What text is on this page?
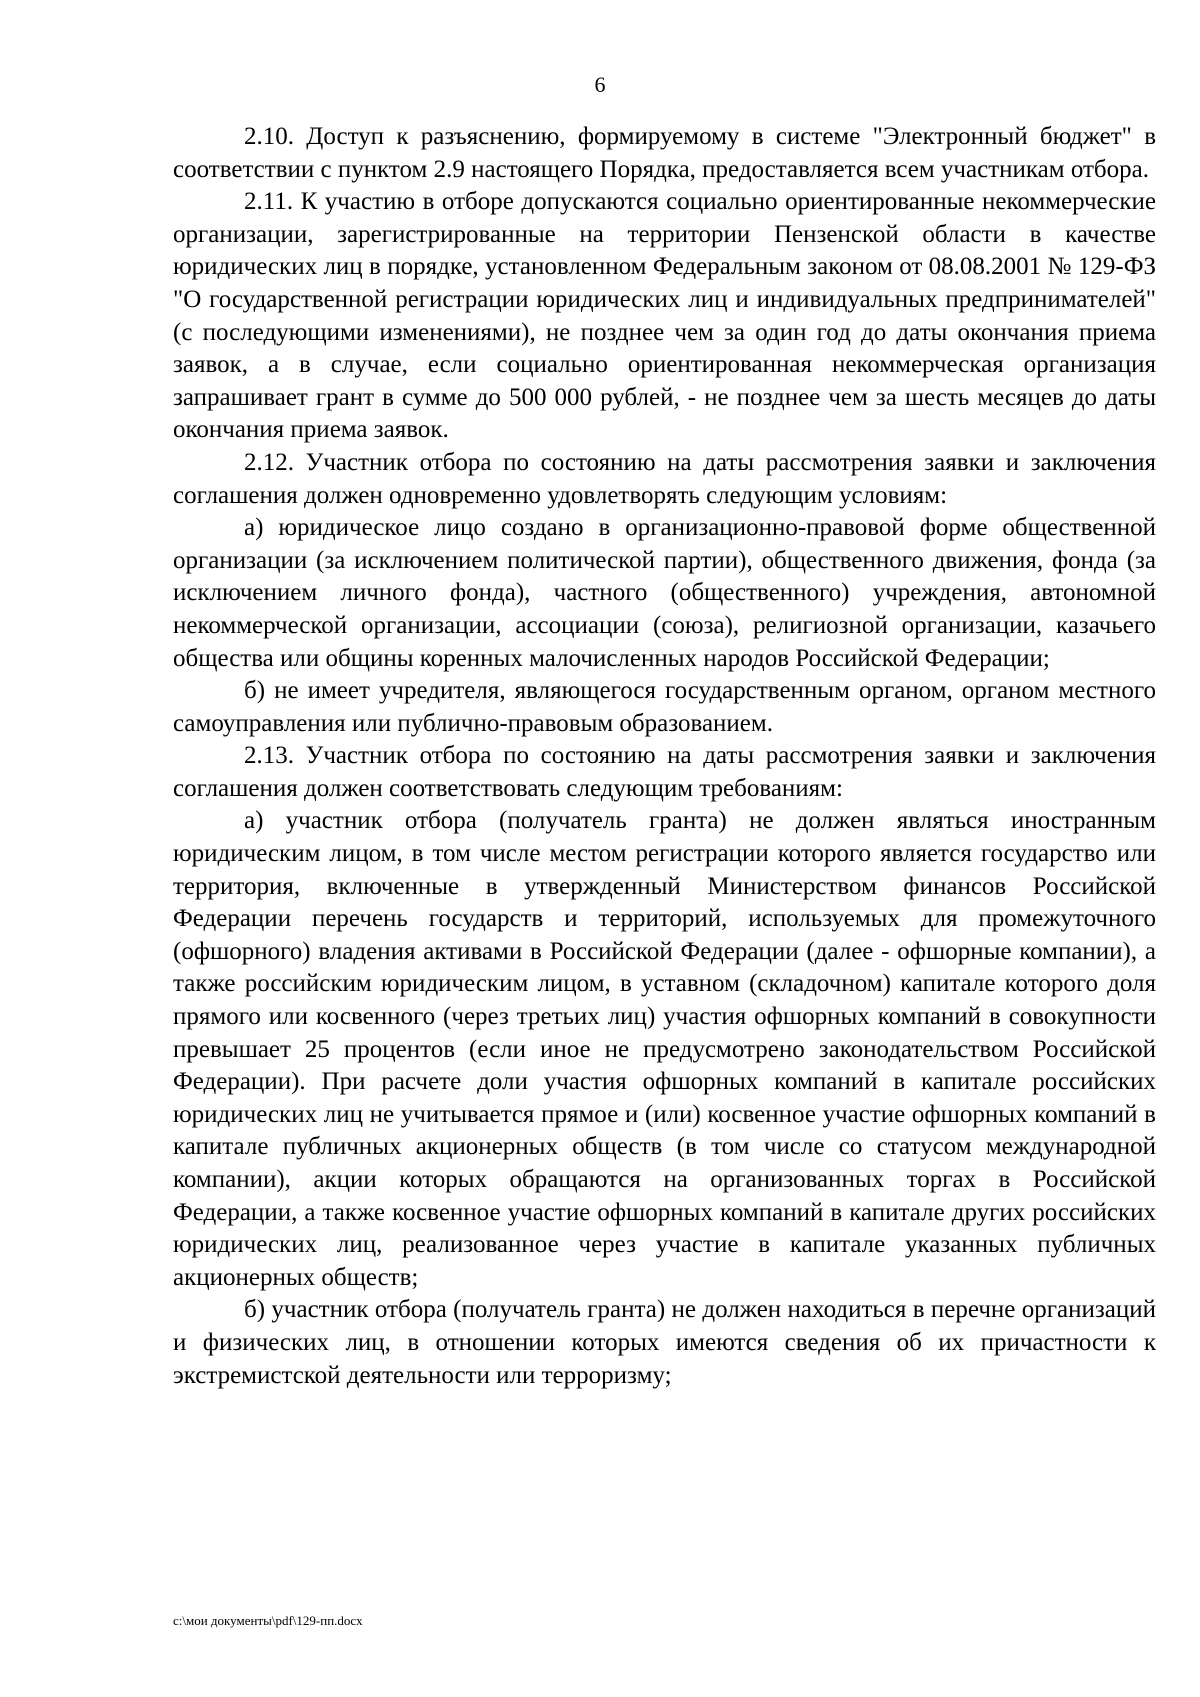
6

2.10. Доступ к разъяснению, формируемому в системе "Электронный бюджет" в соответствии с пунктом 2.9 настоящего Порядка, предоставляется всем участникам отбора.

2.11. К участию в отборе допускаются социально ориентированные некоммерческие организации, зарегистрированные на территории Пензенской области в качестве юридических лиц в порядке, установленном Федеральным законом от 08.08.2001 № 129-ФЗ "О государственной регистрации юридических лиц и индивидуальных предпринимателей" (с последующими изменениями), не позднее чем за один год до даты окончания приема заявок, а в случае, если социально ориентированная некоммерческая организация запрашивает грант в сумме до 500 000 рублей, - не позднее чем за шесть месяцев до даты окончания приема заявок.

2.12. Участник отбора по состоянию на даты рассмотрения заявки и заключения соглашения должен одновременно удовлетворять следующим условиям:

а) юридическое лицо создано в организационно-правовой форме общественной организации (за исключением политической партии), общественного движения, фонда (за исключением личного фонда), частного (общественного) учреждения, автономной некоммерческой организации, ассоциации (союза), религиозной организации, казачьего общества или общины коренных малочисленных народов Российской Федерации;

б) не имеет учредителя, являющегося государственным органом, органом местного самоуправления или публично-правовым образованием.

2.13. Участник отбора по состоянию на даты рассмотрения заявки и заключения соглашения должен соответствовать следующим требованиям:

а) участник отбора (получатель гранта) не должен являться иностранным юридическим лицом, в том числе местом регистрации которого является государство или территория, включенные в утвержденный Министерством финансов Российской Федерации перечень государств и территорий, используемых для промежуточного (офшорного) владения активами в Российской Федерации (далее - офшорные компании), а также российским юридическим лицом, в уставном (складочном) капитале которого доля прямого или косвенного (через третьих лиц) участия офшорных компаний в совокупности превышает 25 процентов (если иное не предусмотрено законодательством Российской Федерации). При расчете доли участия офшорных компаний в капитале российских юридических лиц не учитывается прямое и (или) косвенное участие офшорных компаний в капитале публичных акционерных обществ (в том числе со статусом международной компании), акции которых обращаются на организованных торгах в Российской Федерации, а также косвенное участие офшорных компаний в капитале других российских юридических лиц, реализованное через участие в капитале указанных публичных акционерных обществ;

б) участник отбора (получатель гранта) не должен находиться в перечне организаций и физических лиц, в отношении которых имеются сведения об их причастности к экстремистской деятельности или терроризму;

c:\мои документы\pdf\129-пп.docx
